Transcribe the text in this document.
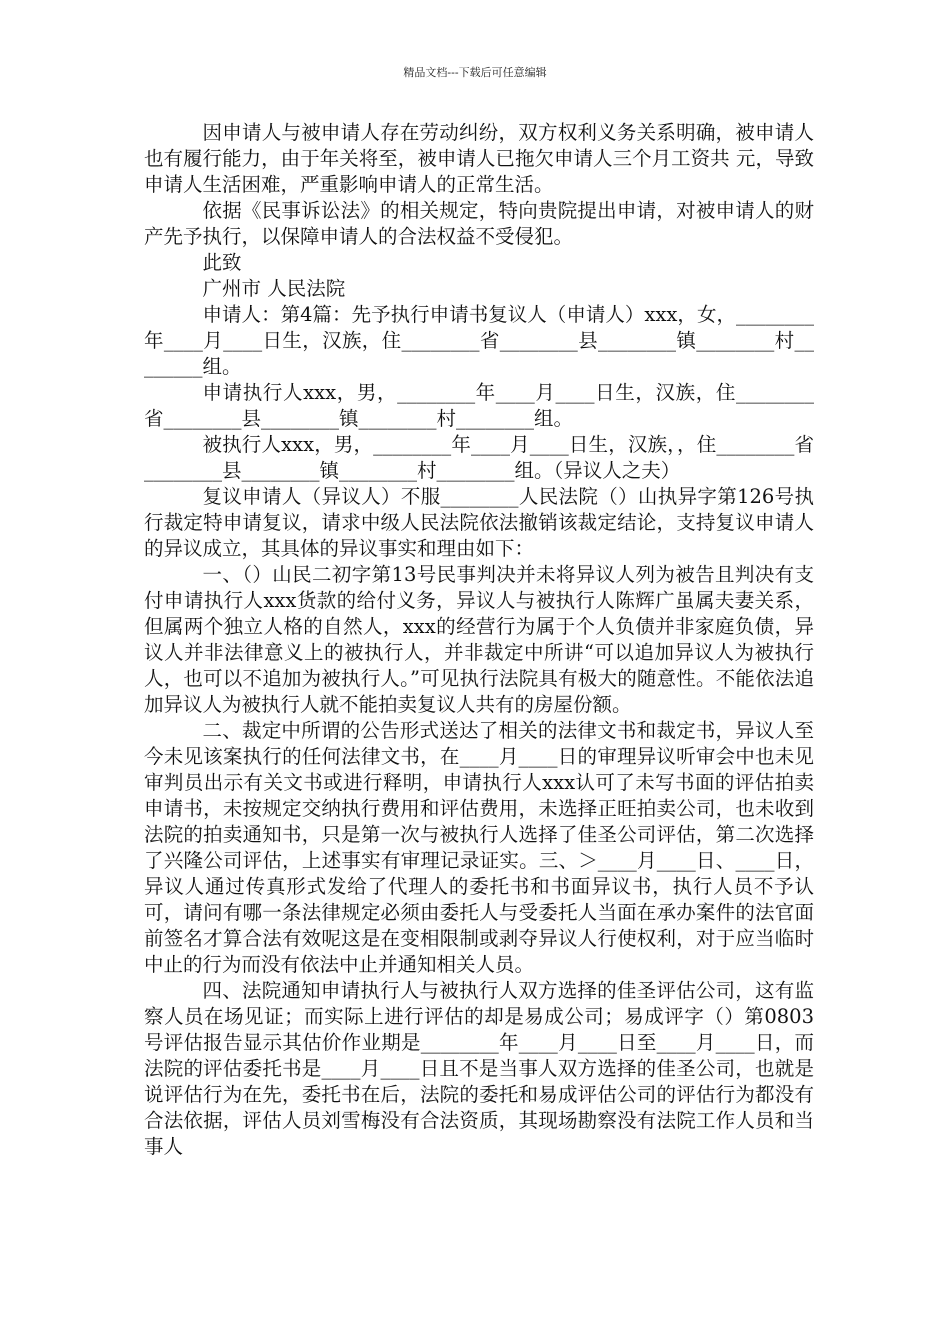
精品文档---下载后可任意编辑

因申请人与被申请人存在劳动纠纷，双方权利义务关系明确，被申请人也有履行能力，由于年关将至，被申请人已拖欠申请人三个月工资共 元，导致申请人生活困难，严重影响申请人的正常生活。

依据《民事诉讼法》的相关规定，特向贵院提出申请，对被申请人的财产先予执行，以保障申请人的合法权益不受侵犯。

此致

广州市 人民法院

申请人：第4篇：先予执行申请书复议人（申请人）xxx，女，________年____月____日生，汉族，住________省________县________镇________村________组。

申请执行人xxx，男，________年____月____日生，汉族，住________省________县________镇________村________组。

被执行人xxx，男，________年____月____日生，汉族，，住________省________县________镇________村________组。（异议人之夫）

复议申请人（异议人）不服________人民法院（）山执异字第126号执行裁定特申请复议，请求中级人民法院依法撤销该裁定结论，支持复议申请人的异议成立，其具体的异议事实和理由如下：

一、（）山民二初字第13号民事判决并未将异议人列为被告且判决有支付申请执行人xxx货款的给付义务，异议人与被执行人陈辉广虽属夫妻关系，但属两个独立人格的自然人，xxx的经营行为属于个人负债并非家庭负债，异议人并非法律意义上的被执行人，并非裁定中所讲“可以追加异议人为被执行人，也可以不追加为被执行人。”可见执行法院具有极大的随意性。不能依法追加异议人为被执行人就不能拍卖复议人共有的房屋份额。

二、裁定中所谓的公告形式送达了相关的法律文书和裁定书，异议人至今未见该案执行的任何法律文书，在____月____日的审理异议听审会中也未见审判员出示有关文书或进行释明，申请执行人xxx认可了未写书面的评估拍卖申请书，未按规定交纳执行费用和评估费用，未选择正旺拍卖公司，也未收到法院的拍卖通知书，只是第一次与被执行人选择了佳圣公司评估，第二次选择了兴隆公司评估，上述事实有审理记录证实。三、＞____月____日、____日，异议人通过传真形式发给了代理人的委托书和书面异议书，执行人员不予认可，请问有哪一条法律规定必须由委托人与受委托人当面在承办案件的法官面前签名才算合法有效呢这是在变相限制或剥夺异议人行使权利，对于应当临时中止的行为而没有依法中止并通知相关人员。

四、法院通知申请执行人与被执行人双方选择的佳圣评估公司，这有监察人员在场见证；而实际上进行评估的却是易成公司；易成评字（）第0803号评估报告显示其估价作业期是________年____月____日至____月____日，而法院的评估委托书是____月____日且不是当事人双方选择的佳圣公司，也就是说评估行为在先，委托书在后，法院的委托和易成评估公司的评估行为都没有合法依据，评估人员刘雪梅没有合法资质，其现场勘察没有法院工作人员和当事人
